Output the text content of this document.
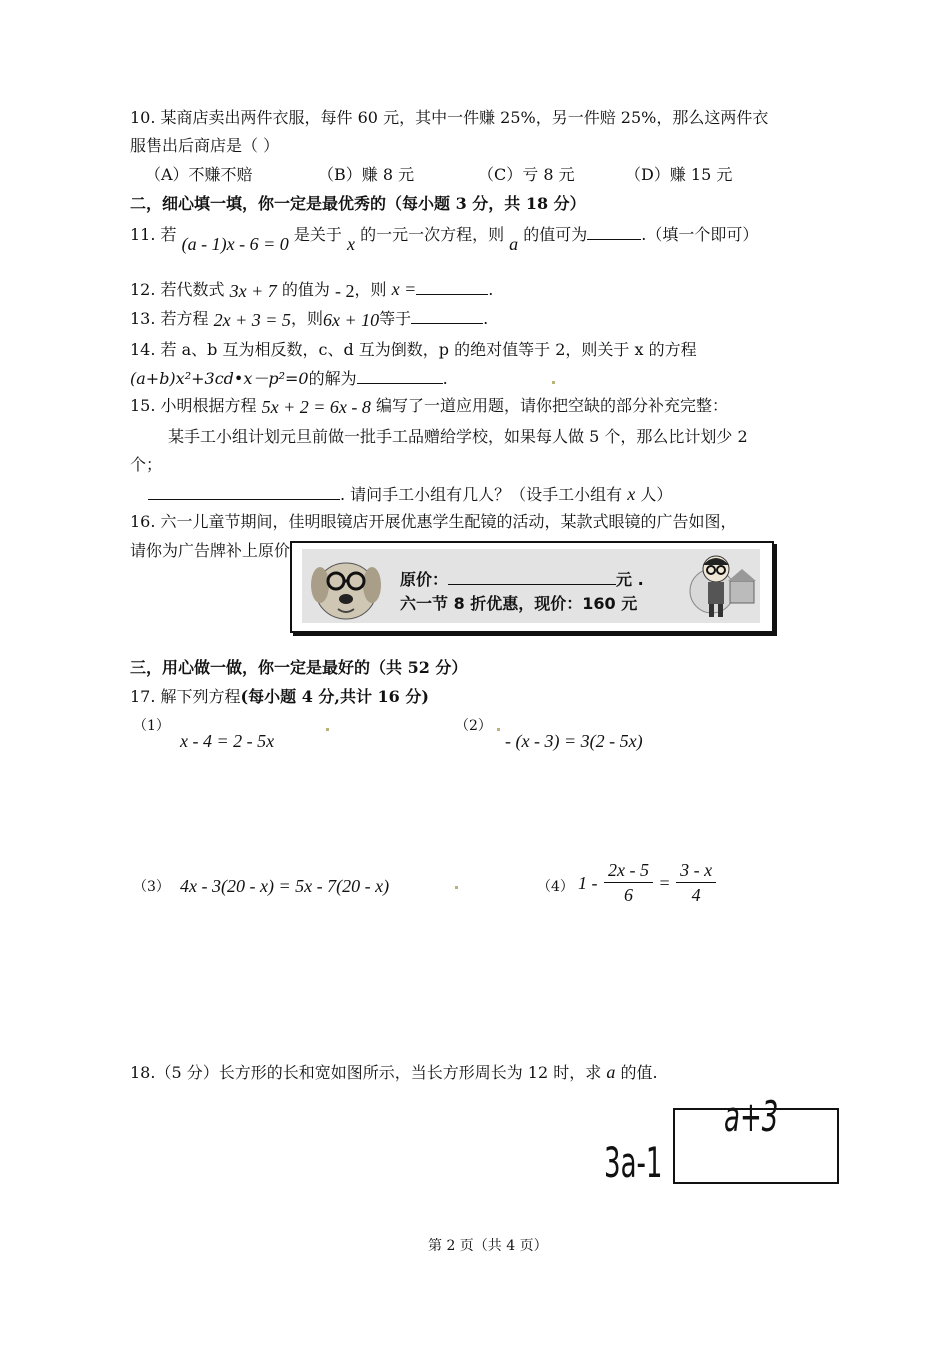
10. 某商店卖出两件衣服，每件 60 元，其中一件赚 25%，另一件赔 25%，那么这两件衣
服售出后商店是（ ）
（A）不赚不赔	（B）赚 8 元	（C）亏 8 元	（D）赚 15 元
二，细心填一填，你一定是最优秀的（每小题 3 分，共 18 分）
11. 若 (a - 1)x - 6 = 0 是关于 x 的一元一次方程，则 a 的值可为	.（填一个即可）
12. 若代数式 3x + 7 的值为 - 2，则 x =	.
13. 若方程 2x + 3 = 5，则6x + 10等于	.
14. 若 a、b 互为相反数，c、d 互为倒数，p 的绝对值等于 2，则关于 x 的方程
(a+b)x²+3cd•x－p²=0的解为	.
15. 小明根据方程 5x + 2 = 6x - 8 编写了一道应用题，请你把空缺的部分补充完整：
某手工小组计划元旦前做一批手工品赠给学校，如果每人做 5 个，那么比计划少 2
个；
. 请问手工小组有几人？（设手工小组有 x 人）
16. 六一儿童节期间，佳明眼镜店开展优惠学生配镜的活动，某款式眼镜的广告如图，
请你为广告牌补上原价
原价：	元 .
六一节 8 折优惠，现价：160 元
三，用心做一做，你一定是最好的（共 52 分）
17. 解下列方程(每小题 4 分,共计 16 分)
（1）
x - 4 = 2 - 5x
（2）
- (x - 3) = 3(2 - 5x)
（3） 4x - 3(20 - x) = 5x - 7(20 - x)	（4） $1 - \frac{2x - 5}{6} = \frac{3 - x}{4}$
18.（5 分）长方形的长和宽如图所示，当长方形周长为 12 时，求 a 的值.
a+3
3a-1
第 2 页（共 4 页）
